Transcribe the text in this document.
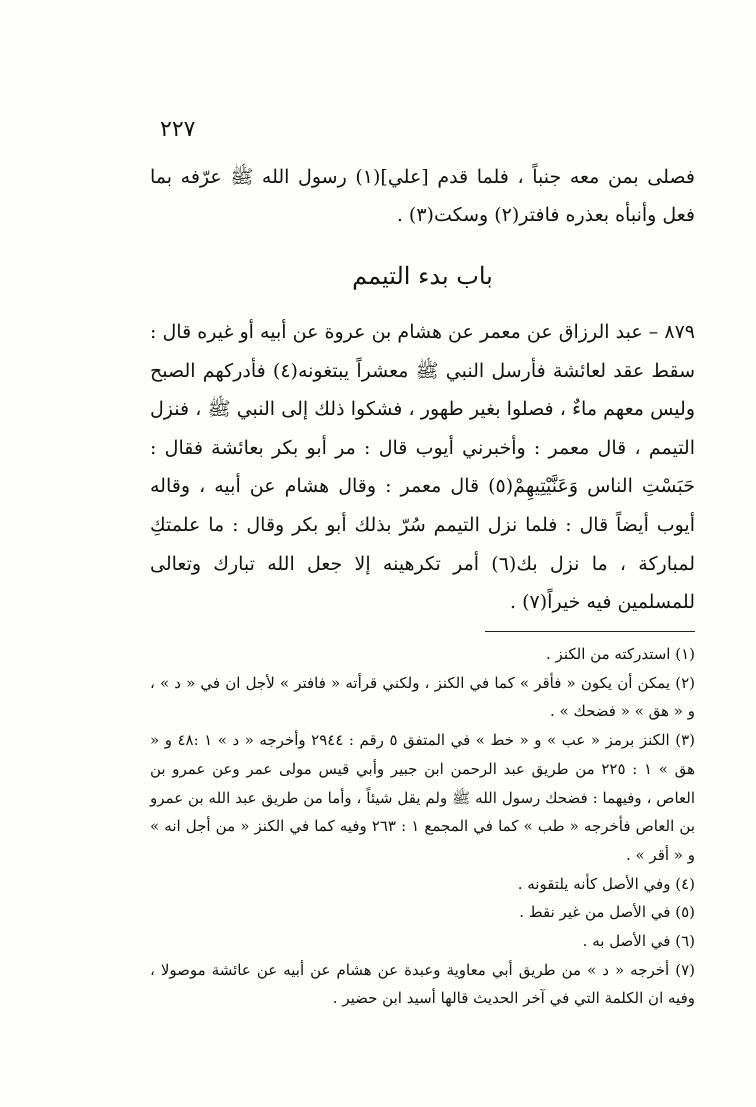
٢٢٧

فصلى بمن معه جنباً ، فلما قدم [علي](١) رسول الله ﷺ عرّفه بما فعل وأنبأه بعذره فافتر(٢) وسكت(٣) .

باب بدء التيمم

٨٧٩ – عبد الرزاق عن معمر عن هشام بن عروة عن أبيه أو غيره قال : سقط عقد لعائشة فأرسل النبي ﷺ معشراً يبتغونه(٤) فأدركهم الصبح وليس معهم ماءٌ ، فصلوا بغير طهور ، فشكوا ذلك إلى النبي ﷺ ، فنزل التيمم ، قال معمر : وأخبرني أيوب قال : مر أبو بكر بعائشة فقال : حَبَسْتِ الناس وَعَنَّيْتِيهِمْ(٥) قال معمر : وقال هشام عن أبيه ، وقاله أيوب أيضاً قال : فلما نزل التيمم سُرّ بذلك أبو بكر وقال : ما علمتكِ لمباركة ، ما نزل بك(٦) أمر تكرهينه إلا جعل الله تبارك وتعالى للمسلمين فيه خيراً(٧) .

(١) استدركته من الكنز .

(٢) يمكن أن يكون « فأقر » كما في الكنز ، ولكني قرأته « فافتر » لأجل ان في « د » ، و « هق » « فضحك » .

(٣) الكنز برمز « عب » و « خط » في المتفق ٥ رقم : ٢٩٤٤ وأخرجه « د » ١ :٤٨ و « هق » ١ : ٢٢٥ من طريق عبد الرحمن ابن جبير وأبي قيس مولى عمر وعن عمرو بن العاص ، وفيهما : فضحك رسول الله ﷺ ولم يقل شيئاً ، وأما من طريق عبد الله بن عمرو بن العاص فأخرجه « طب » كما في المجمع ١ : ٢٦٣ وفيه كما في الكنز « من أجل انه » و « أقر » .

(٤) وفي الأصل كأنه يلتقونه .

(٥) في الأصل من غير نقط .

(٦) في الأصل به .

(٧) أخرجه « د » من طريق أبي معاوية وعبدة عن هشام عن أبيه عن عائشة موصولا ، وفيه ان الكلمة التي في آخر الحديث قالها أسيد ابن حضير .
